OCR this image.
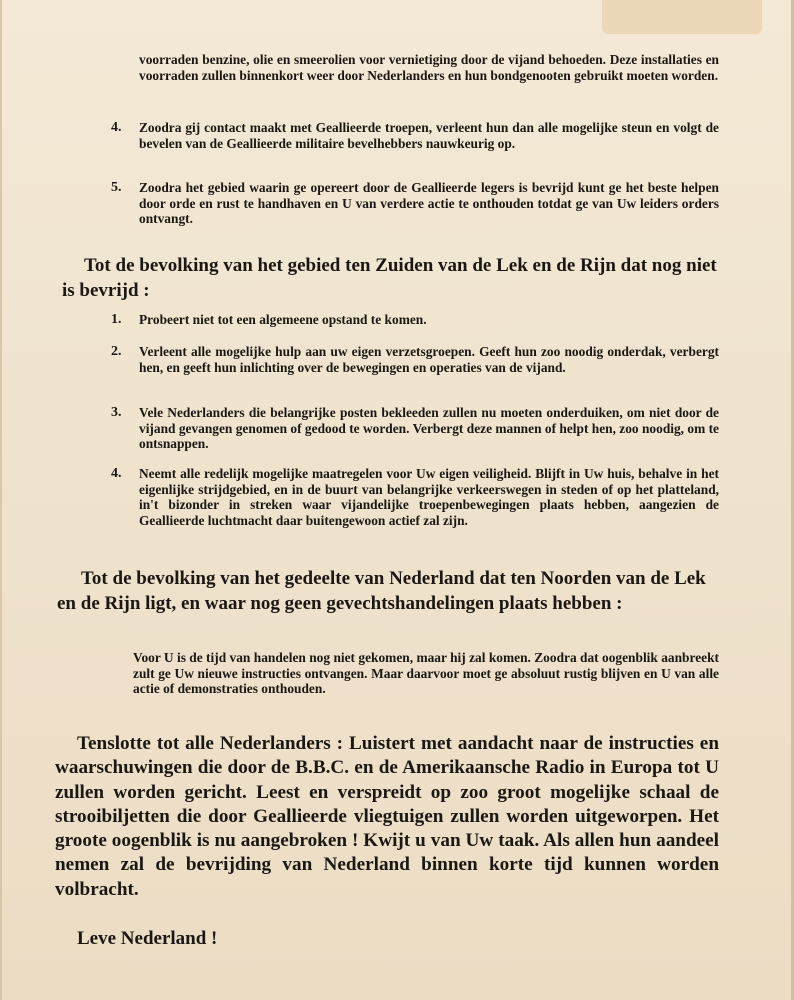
voorraden benzine, olie en smeerolien voor vernietiging door de vijand behoeden. Deze installaties en voorraden zullen binnenkort weer door Nederlanders en hun bondgenooten gebruikt moeten worden.

4. Zoodra gij contact maakt met Geallieerde troepen, verleent hun dan alle mogelijke steun en volgt de bevelen van de Geallieerde militaire bevelhebbers nauwkeurig op.

5. Zoodra het gebied waarin ge opereert door de Geallieerde legers is bevrijd kunt ge het beste helpen door orde en rust te handhaven en U van verdere actie te onthouden totdat ge van Uw leiders orders ontvangt.

Tot de bevolking van het gebied ten Zuiden van de Lek en de Rijn dat nog niet is bevrijd :
1. Probeert niet tot een algemeene opstand te komen.

2. Verleent alle mogelijke hulp aan uw eigen verzetsgroepen. Geeft hun zoo noodig onderdak, verbergt hen, en geeft hun inlichting over de bewegingen en operaties van de vijand.

3. Vele Nederlanders die belangrijke posten bekleeden zullen nu moeten onderduiken, om niet door de vijand gevangen genomen of gedood te worden. Verbergt deze mannen of helpt hen, zoo noodig, om te ontsnappen.

4. Neemt alle redelijk mogelijke maatregelen voor Uw eigen veiligheid. Blijft in Uw huis, behalve in het eigenlijke strijdgebied, en in de buurt van belangrijke verkeerswegen in steden of op het platteland, in't bizonder in streken waar vijandelijke troepenbewegingen plaats hebben, aangezien de Geallieerde luchtmacht daar buitengewoon actief zal zijn.

Tot de bevolking van het gedeelte van Nederland dat ten Noorden van de Lek en de Rijn ligt, en waar nog geen gevechtshandelingen plaats hebben :

Voor U is de tijd van handelen nog niet gekomen, maar hij zal komen. Zoodra dat oogenblik aanbreekt zult ge Uw nieuwe instructies ontvangen. Maar daarvoor moet ge absoluut rustig blijven en U van alle actie of demonstraties onthouden.

Tenslotte tot alle Nederlanders : Luistert met aandacht naar de instructies en waarschuwingen die door de B.B.C. en de Amerikaansche Radio in Europa tot U zullen worden gericht. Leest en verspreidt op zoo groot mogelijke schaal de strooibiljetten die door Geallieerde vliegtuigen zullen worden uitgeworpen. Het groote oogenblik is nu aangebroken ! Kwijt u van Uw taak. Als allen hun aandeel nemen zal de bevrijding van Nederland binnen korte tijd kunnen worden volbracht.

Leve Nederland !
